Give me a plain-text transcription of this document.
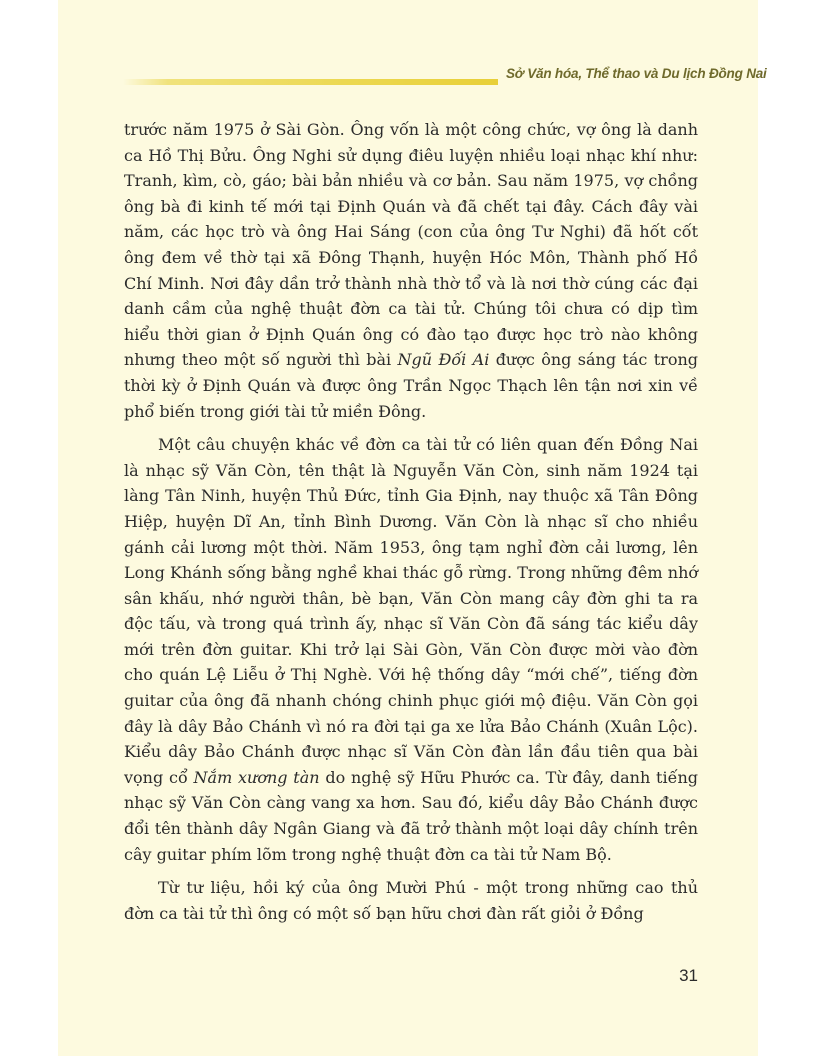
Sở Văn hóa, Thể thao và Du lịch Đồng Nai

trước năm 1975 ở Sài Gòn. Ông vốn là một công chức, vợ ông là danh ca Hồ Thị Bửu. Ông Nghi sử dụng điêu luyện nhiều loại nhạc khí như: Tranh, kìm, cò, gáo; bài bản nhiều và cơ bản. Sau năm 1975, vợ chồng ông bà đi kinh tế mới tại Định Quán và đã chết tại đây. Cách đây vài năm, các học trò và ông Hai Sáng (con của ông Tư Nghi) đã hốt cốt ông đem về thờ tại xã Đông Thạnh, huyện Hóc Môn, Thành phố Hồ Chí Minh. Nơi đây dần trở thành nhà thờ tổ và là nơi thờ cúng các đại danh cầm của nghệ thuật đờn ca tài tử. Chúng tôi chưa có dịp tìm hiểu thời gian ở Định Quán ông có đào tạo được học trò nào không nhưng theo một số người thì bài Ngũ Đối Ai được ông sáng tác trong thời kỳ ở Định Quán và được ông Trần Ngọc Thạch lên tận nơi xin về phổ biến trong giới tài tử miền Đông.

Một câu chuyện khác về đờn ca tài tử có liên quan đến Đồng Nai là nhạc sỹ Văn Còn, tên thật là Nguyễn Văn Còn, sinh năm 1924 tại làng Tân Ninh, huyện Thủ Đức, tỉnh Gia Định, nay thuộc xã Tân Đông Hiệp, huyện Dĩ An, tỉnh Bình Dương. Văn Còn là nhạc sĩ cho nhiều gánh cải lương một thời. Năm 1953, ông tạm nghỉ đờn cải lương, lên Long Khánh sống bằng nghề khai thác gỗ rừng. Trong những đêm nhớ sân khấu, nhớ người thân, bè bạn, Văn Còn mang cây đờn ghi ta ra độc tấu, và trong quá trình ấy, nhạc sĩ Văn Còn đã sáng tác kiểu dây mới trên đờn guitar. Khi trở lại Sài Gòn, Văn Còn được mời vào đờn cho quán Lệ Liễu ở Thị Nghè. Với hệ thống dây “mới chế”, tiếng đờn guitar của ông đã nhanh chóng chinh phục giới mộ điệu. Văn Còn gọi đây là dây Bảo Chánh vì nó ra đời tại ga xe lửa Bảo Chánh (Xuân Lộc). Kiểu dây Bảo Chánh được nhạc sĩ Văn Còn đàn lần đầu tiên qua bài vọng cổ Nắm xương tàn do nghệ sỹ Hữu Phước ca. Từ đây, danh tiếng nhạc sỹ Văn Còn càng vang xa hơn. Sau đó, kiểu dây Bảo Chánh được đổi tên thành dây Ngân Giang và đã trở thành một loại dây chính trên cây guitar phím lõm trong nghệ thuật đờn ca tài tử Nam Bộ.

Từ tư liệu, hồi ký của ông Mười Phú - một trong những cao thủ đờn ca tài tử thì ông có một số bạn hữu chơi đàn rất giỏi ở Đồng

31
